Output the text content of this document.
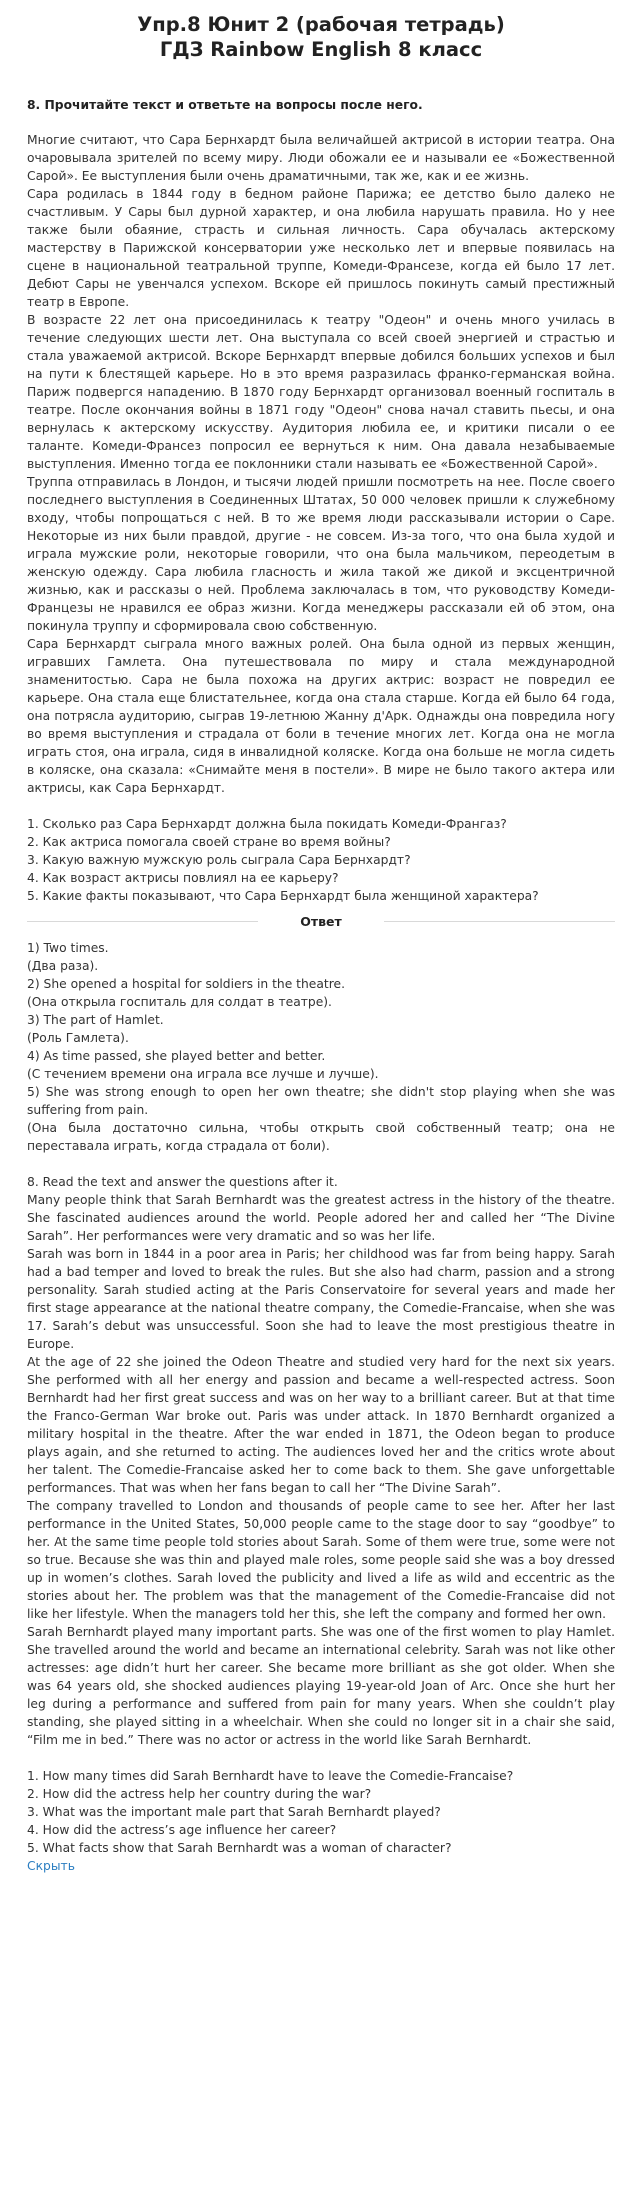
Упр.8 Юнит 2 (рабочая тетрадь)
ГДЗ Rainbow English 8 класс
8. Прочитайте текст и ответьте на вопросы после него.

Многие считают, что Сара Бернхардт была величайшей актрисой в истории театра. Она очаровывала зрителей по всему миру. Люди обожали ее и называли ее «Божественной Сарой». Ее выступления были очень драматичными, так же, как и ее жизнь.

Сара родилась в 1844 году в бедном районе Парижа; ее детство было далеко не счастливым. У Сары был дурной характер, и она любила нарушать правила. Но у нее также были обаяние, страсть и сильная личность. Сара обучалась актерскому мастерству в Парижской консерватории уже несколько лет и впервые появилась на сцене в национальной театральной труппе, Комеди-Франсезе, когда ей было 17 лет. Дебют Сары не увенчался успехом. Вскоре ей пришлось покинуть самый престижный театр в Европе.

В возрасте 22 лет она присоединилась к театру "Одеон" и очень много училась в течение следующих шести лет. Она выступала со всей своей энергией и страстью и стала уважаемой актрисой. Вскоре Бернхардт впервые добился больших успехов и был на пути к блестящей карьере. Но в это время разразилась франко-германская война. Париж подвергся нападению. В 1870 году Бернхардт организовал военный госпиталь в театре. После окончания войны в 1871 году "Одеон" снова начал ставить пьесы, и она вернулась к актерскому искусству. Аудитория любила ее, и критики писали о ее таланте. Комеди-Франсез попросил ее вернуться к ним. Она давала незабываемые выступления. Именно тогда ее поклонники стали называть ее «Божественной Сарой».

Труппа отправилась в Лондон, и тысячи людей пришли посмотреть на нее. После своего последнего выступления в Соединенных Штатах, 50 000 человек пришли к служебному входу, чтобы попрощаться с ней. В то же время люди рассказывали истории о Саре. Некоторые из них были правдой, другие - не совсем. Из-за того, что она была худой и играла мужские роли, некоторые говорили, что она была мальчиком, переодетым в женскую одежду. Сара любила гласность и жила такой же дикой и эксцентричной жизнью, как и рассказы о ней. Проблема заключалась в том, что руководству Комеди-Францезы не нравился ее образ жизни. Когда менеджеры рассказали ей об этом, она покинула труппу и сформировала свою собственную.

Сара Бернхардт сыграла много важных ролей. Она была одной из первых женщин, игравших Гамлета. Она путешествовала по миру и стала международной знаменитостью. Сара не была похожа на других актрис: возраст не повредил ее карьере. Она стала еще блистательнее, когда она стала старше. Когда ей было 64 года, она потрясла аудиторию, сыграв 19-летнюю Жанну д'Арк. Однажды она повредила ногу во время выступления и страдала от боли в течение многих лет. Когда она не могла играть стоя, она играла, сидя в инвалидной коляске. Когда она больше не могла сидеть в коляске, она сказала: «Снимайте меня в постели». В мире не было такого актера или актрисы, как Сара Бернхардт.

1. Сколько раз Сара Бернхардт должна была покидать Комеди-Франгаз?
2. Как актриса помогала своей стране во время войны?
3. Какую важную мужскую роль сыграла Сара Бернхардт?
4. Как возраст актрисы повлиял на ее карьеру?
5. Какие факты показывают, что Сара Бернхардт была женщиной характера?
Ответ

1) Two times.

(Два раза).

2) She opened a hospital for soldiers in the theatre.

(Она открыла госпиталь для солдат в театре).

3) The part of Hamlet.

(Роль Гамлета).

4) As time passed, she played better and better.

(С течением времени она играла все лучше и лучше).

5) She was strong enough to open her own theatre; she didn't stop playing when she was suffering from pain.

(Она была достаточно сильна, чтобы открыть свой собственный театр; она не переставала играть, когда страдала от боли).

8. Read the text and answer the questions after it.

Many people think that Sarah Bernhardt was the greatest actress in the history of the theatre. She fascinated audiences around the world. People adored her and called her “The Divine Sarah”. Her performances were very dramatic and so was her life.

Sarah was born in 1844 in a poor area in Paris; her childhood was far from being happy. Sarah had a bad temper and loved to break the rules. But she also had charm, passion and a strong personality. Sarah studied acting at the Paris Conservatoire for several years and made her first stage appearance at the national theatre company, the Comedie-Francaise, when she was 17. Sarah’s debut was unsuccessful. Soon she had to leave the most prestigious theatre in Europe.

At the age of 22 she joined the Odeon Theatre and studied very hard for the next six years. She performed with all her energy and passion and became a well-respected actress. Soon Bernhardt had her first great success and was on her way to a brilliant career. But at that time the Franco-German War broke out. Paris was under attack. In 1870 Bernhardt organized a military hospital in the theatre. After the war ended in 1871, the Odeon began to produce plays again, and she returned to acting. The audiences loved her and the critics wrote about her talent. The Comedie-Francaise asked her to come back to them. She gave unforgettable performances. That was when her fans began to call her “The Divine Sarah”.

The company travelled to London and thousands of people came to see her. After her last performance in the United States, 50,000 people came to the stage door to say “goodbye” to her. At the same time people told stories about Sarah. Some of them were true, some were not so true. Because she was thin and played male roles, some people said she was a boy dressed up in women’s clothes. Sarah loved the publicity and lived a life as wild and eccentric as the stories about her. The problem was that the management of the Comedie-Francaise did not like her lifestyle. When the managers told her this, she left the company and formed her own.

Sarah Bernhardt played many important parts. She was one of the first women to play Hamlet. She travelled around the world and became an international celebrity. Sarah was not like other actresses: age didn’t hurt her career. She became more brilliant as she got older. When she was 64 years old, she shocked audiences playing 19-year-old Joan of Arc. Once she hurt her leg during a performance and suffered from pain for many years. When she couldn’t play standing, she played sitting in a wheelchair. When she could no longer sit in a chair she said, “Film me in bed.” There was no actor or actress in the world like Sarah Bernhardt.

1. How many times did Sarah Bernhardt have to leave the Comedie-Francaise?
2. How did the actress help her country during the war?
3. What was the important male part that Sarah Bernhardt played?
4. How did the actress’s age influence her career?
5. What facts show that Sarah Bernhardt was a woman of character?
Скрыть
